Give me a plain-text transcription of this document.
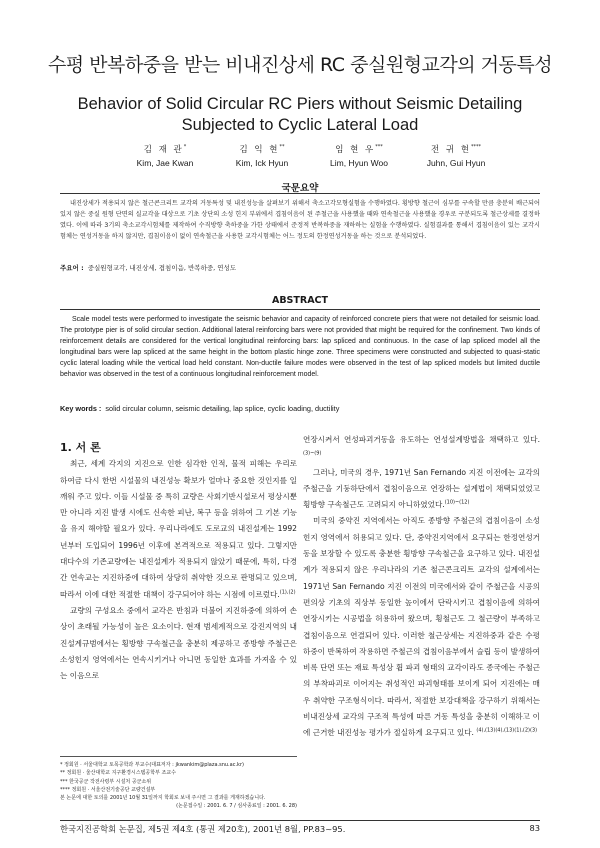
수평 반복하중을 받는 비내진상세 RC 중실원형교각의 거동특성
Behavior of Solid Circular RC Piers without Seismic Detailing Subjected to Cyclic Lateral Load
김 재 관*
Kim, Jae Kwan
김 익 현**
Kim, Ick Hyun
임 현 우***
Lim, Hyun Woo
전 귀 현****
Juhn, Gui Hyun
국문요약

내진상세가 적용되지 않은 철근콘크리트 교각의 거동특성 및 내진성능을 살펴보기 위해서 축소고각모형실험을 수행하였다. 횡방향 철근이 심부를 구속할 만큼 충분히 배근되어 있지 않은 중실 원형 단면의 실교각을 대상으로 기초 상단의 소성 힌지 부위에서 겹침이음이 된 주철근을 사용했을 때와 연속철근을 사용했을 경우로 구분되도록 철근상세를 결정하였다. 이에 따라 3기의 축소교각시험체를 제작하여 수직방향 축하중을 가한 상태에서 준정적 반복하중을 재하하는 실험을 수행하였다. 실험결과를 통해서 겹침이음이 있는 교각시험체는 연성거동을 하지 않지만, 겹침이음이 없이 연속철근을 사용한 교각시험체는 어느 정도의 한정연성거동을 하는 것으로 분석되었다.

주요어 : 중실원형교각, 내진상세, 겹침이음, 반복하중, 연성도
ABSTRACT

Scale model tests were performed to investigate the seismic behavior and capacity of reinforced concrete piers that were not detailed for seismic load. The prototype pier is of solid circular section. Additional lateral reinforcing bars were not provided that might be required for the confinement. Two kinds of reinforcement details are considered for the vertical longitudinal reinforcing bars: lap spliced and continuous. In the case of lap spliced model all the longitudinal bars were lap spliced at the same height in the bottom plastic hinge zone. Three specimens were constructed and subjected to quasi-static cyclic lateral loading while the vertical load held constant. Non-ductile failure modes were observed in the test of lap spliced models but limited ductile behavior was observed in the test of a continuous longitudinal reinforcement model.

Key words : solid circular column, seismic detailing, lap splice, cyclic loading, ductility

1. 서 론

최근, 세계 각지의 지진으로 인한 심각한 인적, 물적 피해는 우리로 하여금 다시 한번 시설물의 내진성능 확보가 얼마나 중요한 것인지를 일깨워 주고 있다. 이들 시설물 중 특히 교량은 사회기반시설로서 평상시뿐만 아니라 지진 발생 시에도 신속한 피난, 복구 등을 위하여 그 기본 기능을 유지 해야할 필요가 있다. 우리나라에도 도로교의 내진설계는 1992년부터 도입되어 1996년 이후에 본격적으로 적용되고 있다. 그렇지만 대다수의 기존교량에는 내진설계가 적용되지 않았기 때문에, 특히, 다경간 연속교는 지진하중에 대하여 상당히 취약한 것으로 판명되고 있으며, 따라서 이에 대한 적절한 대책이 강구되어야 하는 시점에 이르렀다.$^{(1),(2)}$

교량의 구성요소 중에서 교각은 반침과 더불어 지진하중에 의하여 손상이 초래될 가능성이 높은 요소이다. 현재 범세계적으로 강진지역의 내진설계규범에서는 횡방향 구속철근을 충분히 제공하고 종방향 주철근은 소성힌지 영역에서는 연속시키거나 아니면 동일한 효과를 가져올 수 있는 이음으로

연장시켜서 연성파괴거동을 유도하는 연성설계방법을 채택하고 있다.$^{(3)\sim(9)}$

그러나, 미국의 경우, 1971년 San Fernando 지진 이전에는 교각의 주철근을 기둥하단에서 겹침이음으로 연장하는 설계법이 채택되었었고 횡방향 구속철근도 고려되지 아니하였었다.$^{(10)\sim(12)}$

미국의 중약진 지역에서는 아직도 종방향 주철근의 겹침이음이 소성힌지 영역에서 허용되고 있다. 단, 중약진지역에서 요구되는 한정연성거동을 보장할 수 있도록 충분한 횡방향 구속철근을 요구하고 있다. 내진설계가 적용되지 않은 우리나라의 기존 철근콘크리트 교각의 설계에서는 1971년 San Fernando 지진 이전의 미국에서와 같이 주철근을 시공의 편의상 기초의 직상부 동일한 높이에서 단락시키고 겹침이음에 의하여 연장시키는 시공법을 허용하여 왔으며, 횡철근도 그 철근량이 부족하고 겹침이음으로 연결되어 있다. 이러한 철근상세는 지진하중과 같은 수평하중이 반복하여 작용하면 주철근의 겹침이음부에서 슬립 등이 발생하여 비록 단면 또는 재료 특성상 휨 파괴 형태의 교각이라도 종국에는 주철근의 부착파괴로 이어지는 취성적인 파괴형태를 보이게 되어 지진에는 매우 취약한 구조형식이다. 따라서, 적절한 보강대책을 강구하기 위해서는 비내진상세 교각의 구조적 특성에 따른 거동 특성을 충분히 이해하고 이에 근거한 내진성능 평가가 절실하게 요구되고 있다. $^{(4),(13)(4),(13)(1),(2)(3)}$

* 정회원 · 서울대학교 토목공학과 부교수(대표저자 : jkwankim@plaza.snu.ac.kr)
** 정회원 · 울산대학교 지구환경시스템공학부 조교수
*** 한국공군 작전사령부 시설처 공군소위
**** 정회원 · 서울산전기술공단 교량건설부
본 논문에 대한 토의를 2001년 10월 31일까지 학회로 보내 주시면 그 결과를 게재하겠습니다.
(논문접수일 : 2001. 6. 7 / 심사종료일 : 2001. 6. 28)
한국지진공학회 논문집, 제5권 제4호 (통권 제20호), 2001년 8월, PP.83~95.	83
